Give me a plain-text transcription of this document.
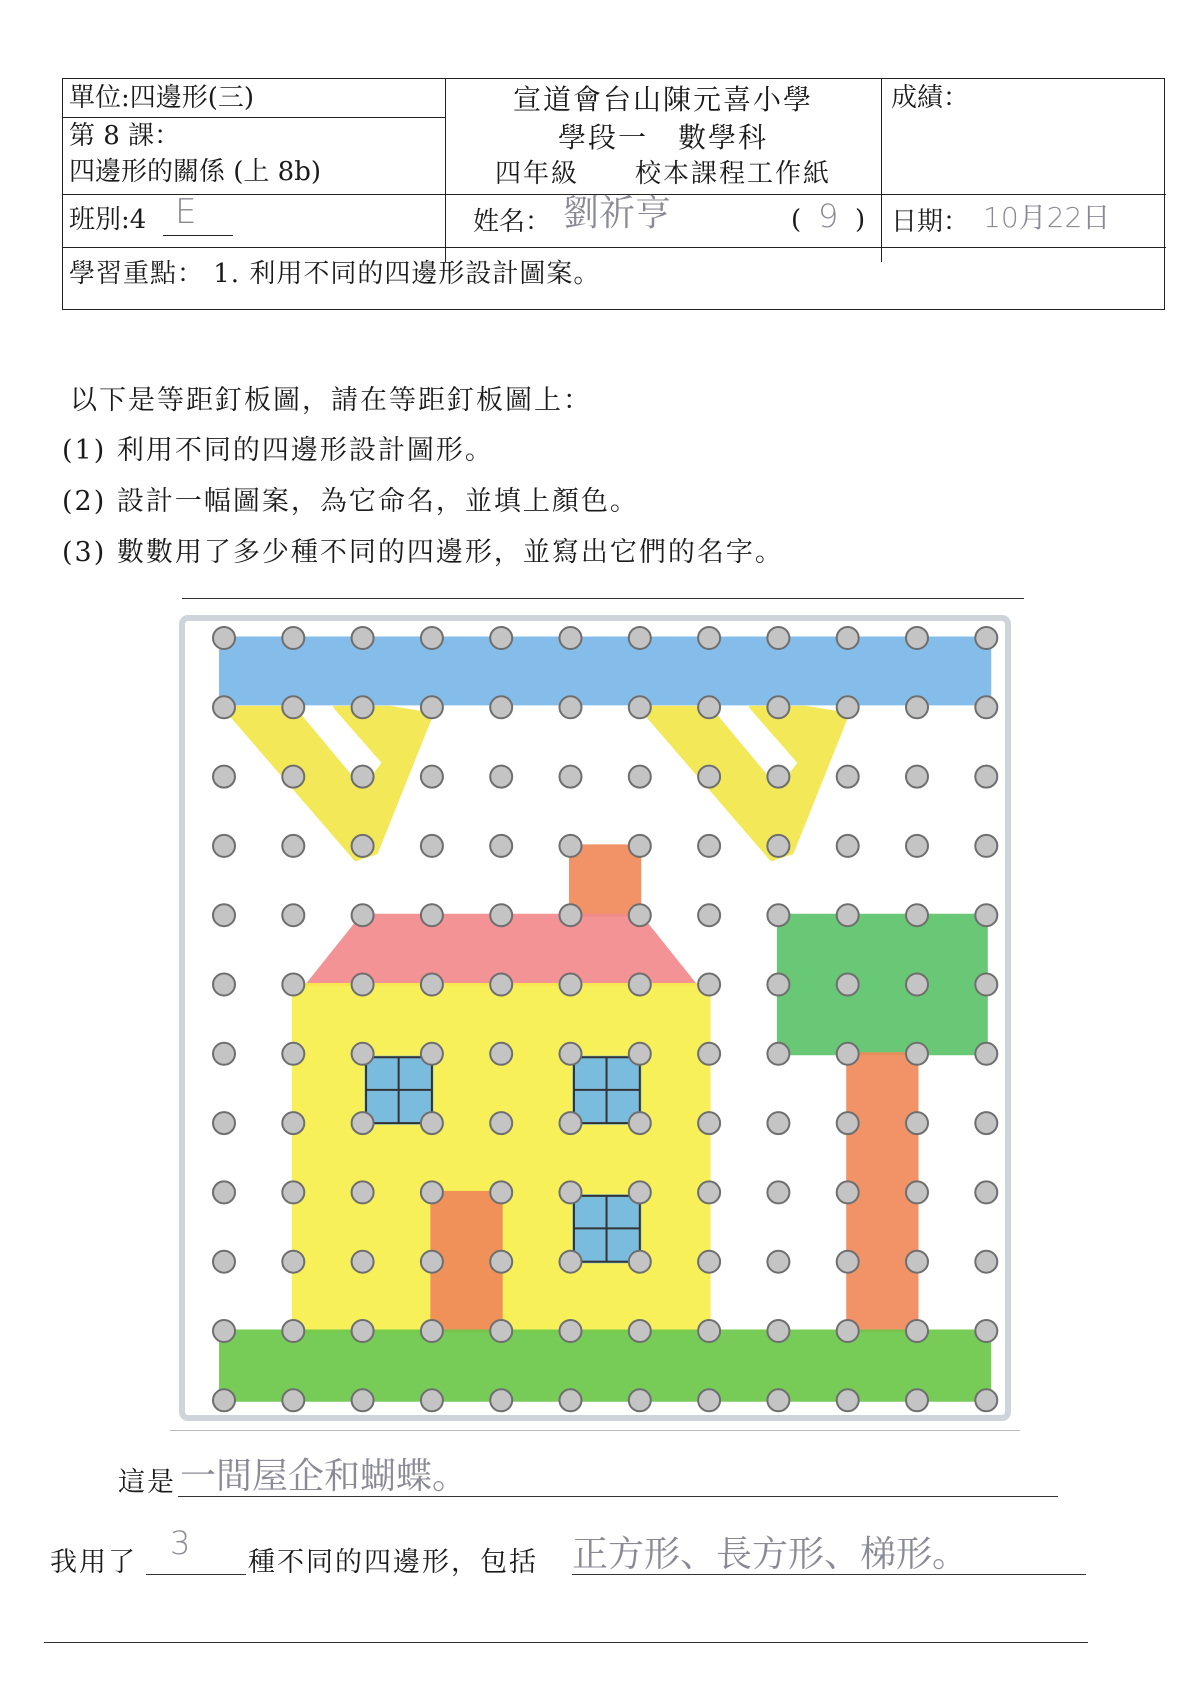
單位:四邊形(三)
第 8 課：
四邊形的關係 (上 8b)
宣道會台山陳元喜小學
學段一　數學科
四年級　　校本課程工作紙
成績：
班別:4 E	姓名： 劉祈亨	( 9 ) 日期： 10月22日
學習重點： 1. 利用不同的四邊形設計圖案。
以下是等距釘板圖，請在等距釘板圖上：
(1) 利用不同的四邊形設計圖形。
(2) 設計一幅圖案，為它命名，並填上顏色。
(3) 數數用了多少種不同的四邊形，並寫出它們的名字。
這是 一間屋企和蝴蝶。
我用了
3
種不同的四邊形，包括 正方形、長方形、梯形。
